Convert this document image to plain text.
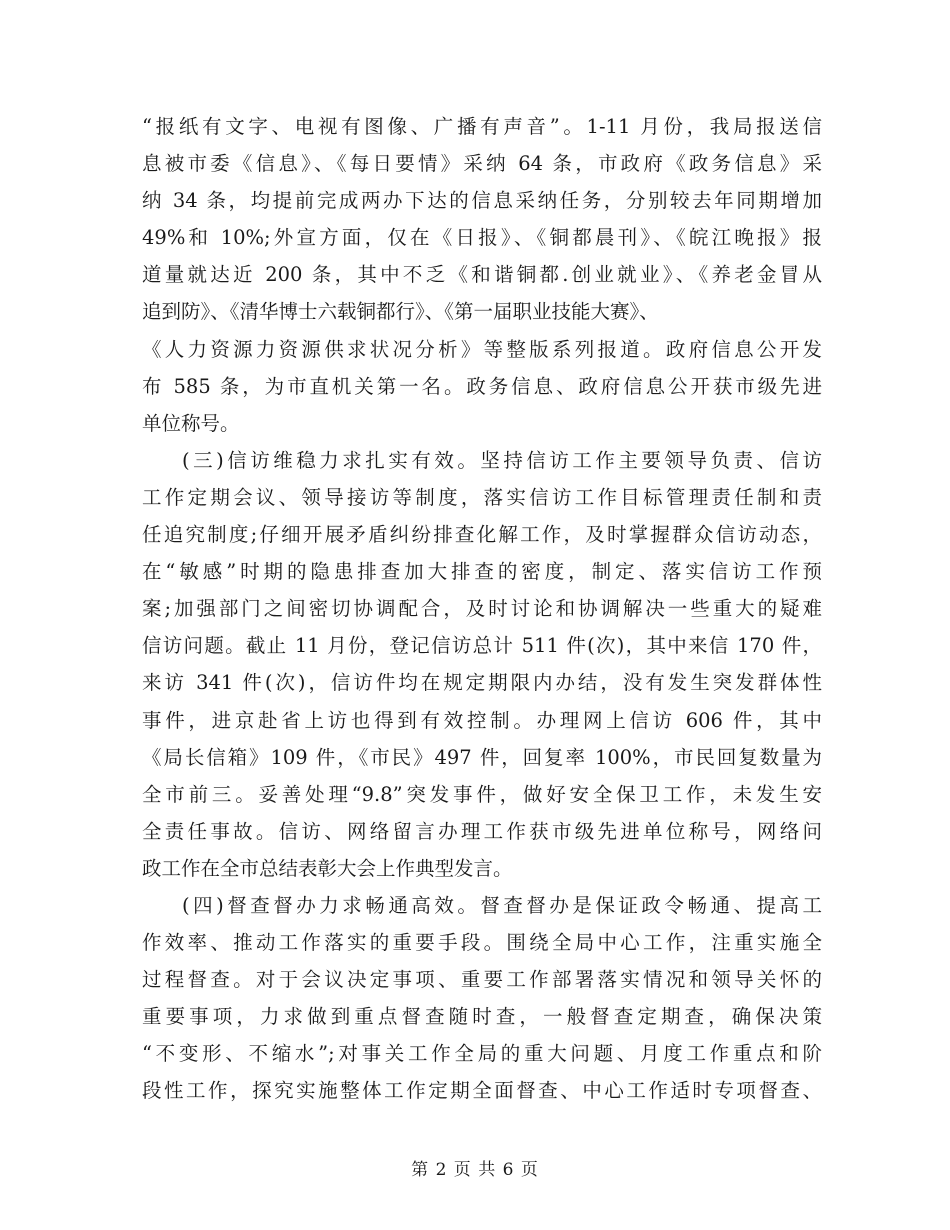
“报纸有文字、电视有图像、广播有声音”。1-11 月份，我局报送信
息被市委《信息》、《每日要情》采纳 64 条，市政府《政务信息》采
纳 34 条，均提前完成两办下达的信息采纳任务，分别较去年同期增加
49%和 10%;外宣方面，仅在《日报》、《铜都晨刊》、《皖江晚报》报
道量就达近 200 条，其中不乏《和谐铜都.创业就业》、《养老金冒从
追到防》、《清华博士六载铜都行》、《第一届职业技能大赛》、
《人力资源力资源供求状况分析》等整版系列报道。政府信息公开发
布 585 条，为市直机关第一名。政务信息、政府信息公开获市级先进
单位称号。
(三)信访维稳力求扎实有效。坚持信访工作主要领导负责、信访
工作定期会议、领导接访等制度，落实信访工作目标管理责任制和责
任追究制度;仔细开展矛盾纠纷排查化解工作，及时掌握群众信访动态，
在“敏感”时期的隐患排查加大排查的密度，制定、落实信访工作预
案;加强部门之间密切协调配合，及时讨论和协调解决一些重大的疑难
信访问题。截止 11 月份，登记信访总计 511 件(次)，其中来信 170 件，
来访 341 件(次)，信访件均在规定期限内办结，没有发生突发群体性
事件，进京赴省上访也得到有效控制。办理网上信访 606 件，其中
《局长信箱》109 件，《市民》497 件，回复率 100%，市民回复数量为
全市前三。妥善处理“9.8”突发事件，做好安全保卫工作，未发生安
全责任事故。信访、网络留言办理工作获市级先进单位称号，网络问
政工作在全市总结表彰大会上作典型发言。
(四)督查督办力求畅通高效。督查督办是保证政令畅通、提高工
作效率、推动工作落实的重要手段。围绕全局中心工作，注重实施全
过程督查。对于会议决定事项、重要工作部署落实情况和领导关怀的
重要事项，力求做到重点督查随时查，一般督查定期查，确保决策
“不变形、不缩水”;对事关工作全局的重大问题、月度工作重点和阶
段性工作，探究实施整体工作定期全面督查、中心工作适时专项督查、
第 2 页 共 6 页
